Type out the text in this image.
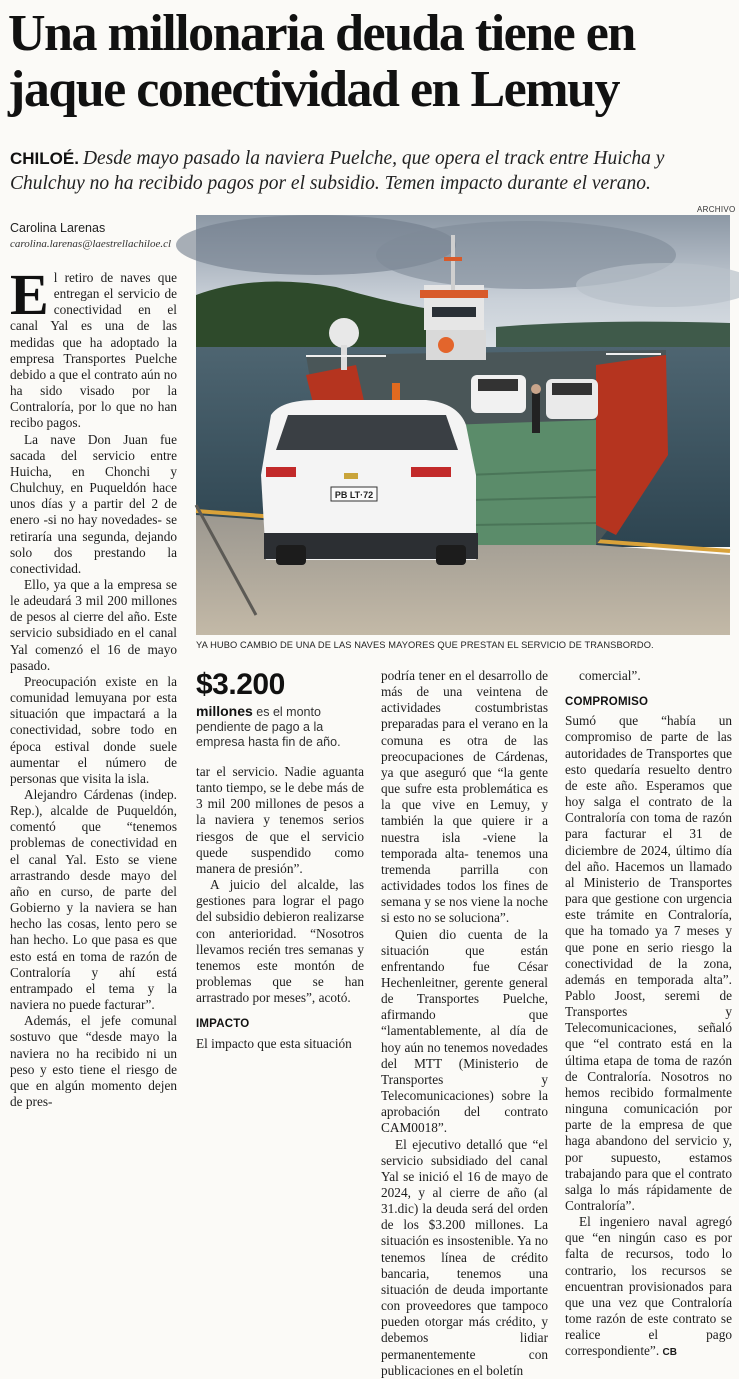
Una millonaria deuda tiene en jaque conectividad en Lemuy
CHILOÉ. Desde mayo pasado la naviera Puelche, que opera el track entre Huicha y Chulchuy no ha recibido pagos por el subsidio. Temen impacto durante el verano.
ARCHIVO
Carolina Larenas
carolina.larenas@laestrellachiloe.cl

El retiro de naves que entregan el servicio de conectividad en el canal Yal es una de las medidas que ha adoptado la empresa Transportes Puelche debido a que el contrato aún no ha sido visado por la Contraloría, por lo que no han recibo pagos.

La nave Don Juan fue sacada del servicio entre Huicha, en Chonchi y Chulchuy, en Puqueldón hace unos días y a partir del 2 de enero -si no hay novedades- se retiraría una segunda, dejando solo dos prestando la conectividad.

Ello, ya que a la empresa se le adeudará 3 mil 200 millones de pesos al cierre del año. Este servicio subsidiado en el canal Yal comenzó el 16 de mayo pasado.

Preocupación existe en la comunidad lemuyana por esta situación que impactará a la conectividad, sobre todo en época estival donde suele aumentar el número de personas que visita la isla.

Alejandro Cárdenas (indep. Rep.), alcalde de Puqueldón, comentó que “tenemos problemas de conectividad en el canal Yal. Esto se viene arrastrando desde mayo del año en curso, de parte del Gobierno y la naviera se han hecho las cosas, lento pero se han hecho. Lo que pasa es que esto está en toma de razón de Contraloría y ahí está entrampado el tema y la naviera no puede facturar”.

Además, el jefe comunal sostuvo que “desde mayo la naviera no ha recibido ni un peso y esto tiene el riesgo de que en algún momento dejen de pres-

PB LT·72
YA HUBO CAMBIO DE UNA DE LAS NAVES MAYORES QUE PRESTAN EL SERVICIO DE TRANSBORDO.
$3.200
millones es el monto pendiente de pago a la empresa hasta fin de año.

tar el servicio. Nadie aguanta tanto tiempo, se le debe más de 3 mil 200 millones de pesos a la naviera y tenemos serios riesgos de que el servicio quede suspendido como manera de presión”.

A juicio del alcalde, las gestiones para lograr el pago del subsidio debieron realizarse con anterioridad. “Nosotros llevamos recién tres semanas y tenemos este montón de problemas que se han arrastrado por meses”, acotó.

IMPACTO

El impacto que esta situación

podría tener en el desarrollo de más de una veintena de actividades costumbristas preparadas para el verano en la comuna es otra de las preocupaciones de Cárdenas, ya que aseguró que “la gente que sufre esta problemática es la que vive en Lemuy, y también la que quiere ir a nuestra isla -viene la temporada alta- tenemos una tremenda parrilla con actividades todos los fines de semana y se nos viene la noche si esto no se soluciona”.

Quien dio cuenta de la situación que están enfrentando fue César Hechenleitner, gerente general de Transportes Puelche, afirmando que “lamentablemente, al día de hoy aún no tenemos novedades del MTT (Ministerio de Transportes y Telecomunicaciones) sobre la aprobación del contrato CAM0018”.

El ejecutivo detalló que “el servicio subsidiado del canal Yal se inició el 16 de mayo de 2024, y al cierre de año (al 31.dic) la deuda será del orden de los $3.200 millones. La situación es insostenible. Ya no tenemos línea de crédito bancaria, tenemos una situación de deuda importante con proveedores que tampoco pueden otorgar más crédito, y debemos lidiar permanentemente con publicaciones en el boletín

comercial”.

COMPROMISO

Sumó que “había un compromiso de parte de las autoridades de Transportes que esto quedaría resuelto dentro de este año. Esperamos que hoy salga el contrato de la Contraloría con toma de razón para facturar el 31 de diciembre de 2024, último día del año. Hacemos un llamado al Ministerio de Transportes para que gestione con urgencia este trámite en Contraloría, que ha tomado ya 7 meses y que pone en serio riesgo la conectividad de la zona, además en temporada alta”. Pablo Joost, seremi de Transportes y Telecomunicaciones, señaló que “el contrato está en la última etapa de toma de razón de Contraloría. Nosotros no hemos recibido formalmente ninguna comunicación por parte de la empresa de que haga abandono del servicio y, por supuesto, estamos trabajando para que el contrato salga lo más rápidamente de Contraloría”.

El ingeniero naval agregó que “en ningún caso es por falta de recursos, todo lo contrario, los recursos se encuentran provisionados para que una vez que Contraloría tome razón de este contrato se realice el pago correspondiente”. CB
